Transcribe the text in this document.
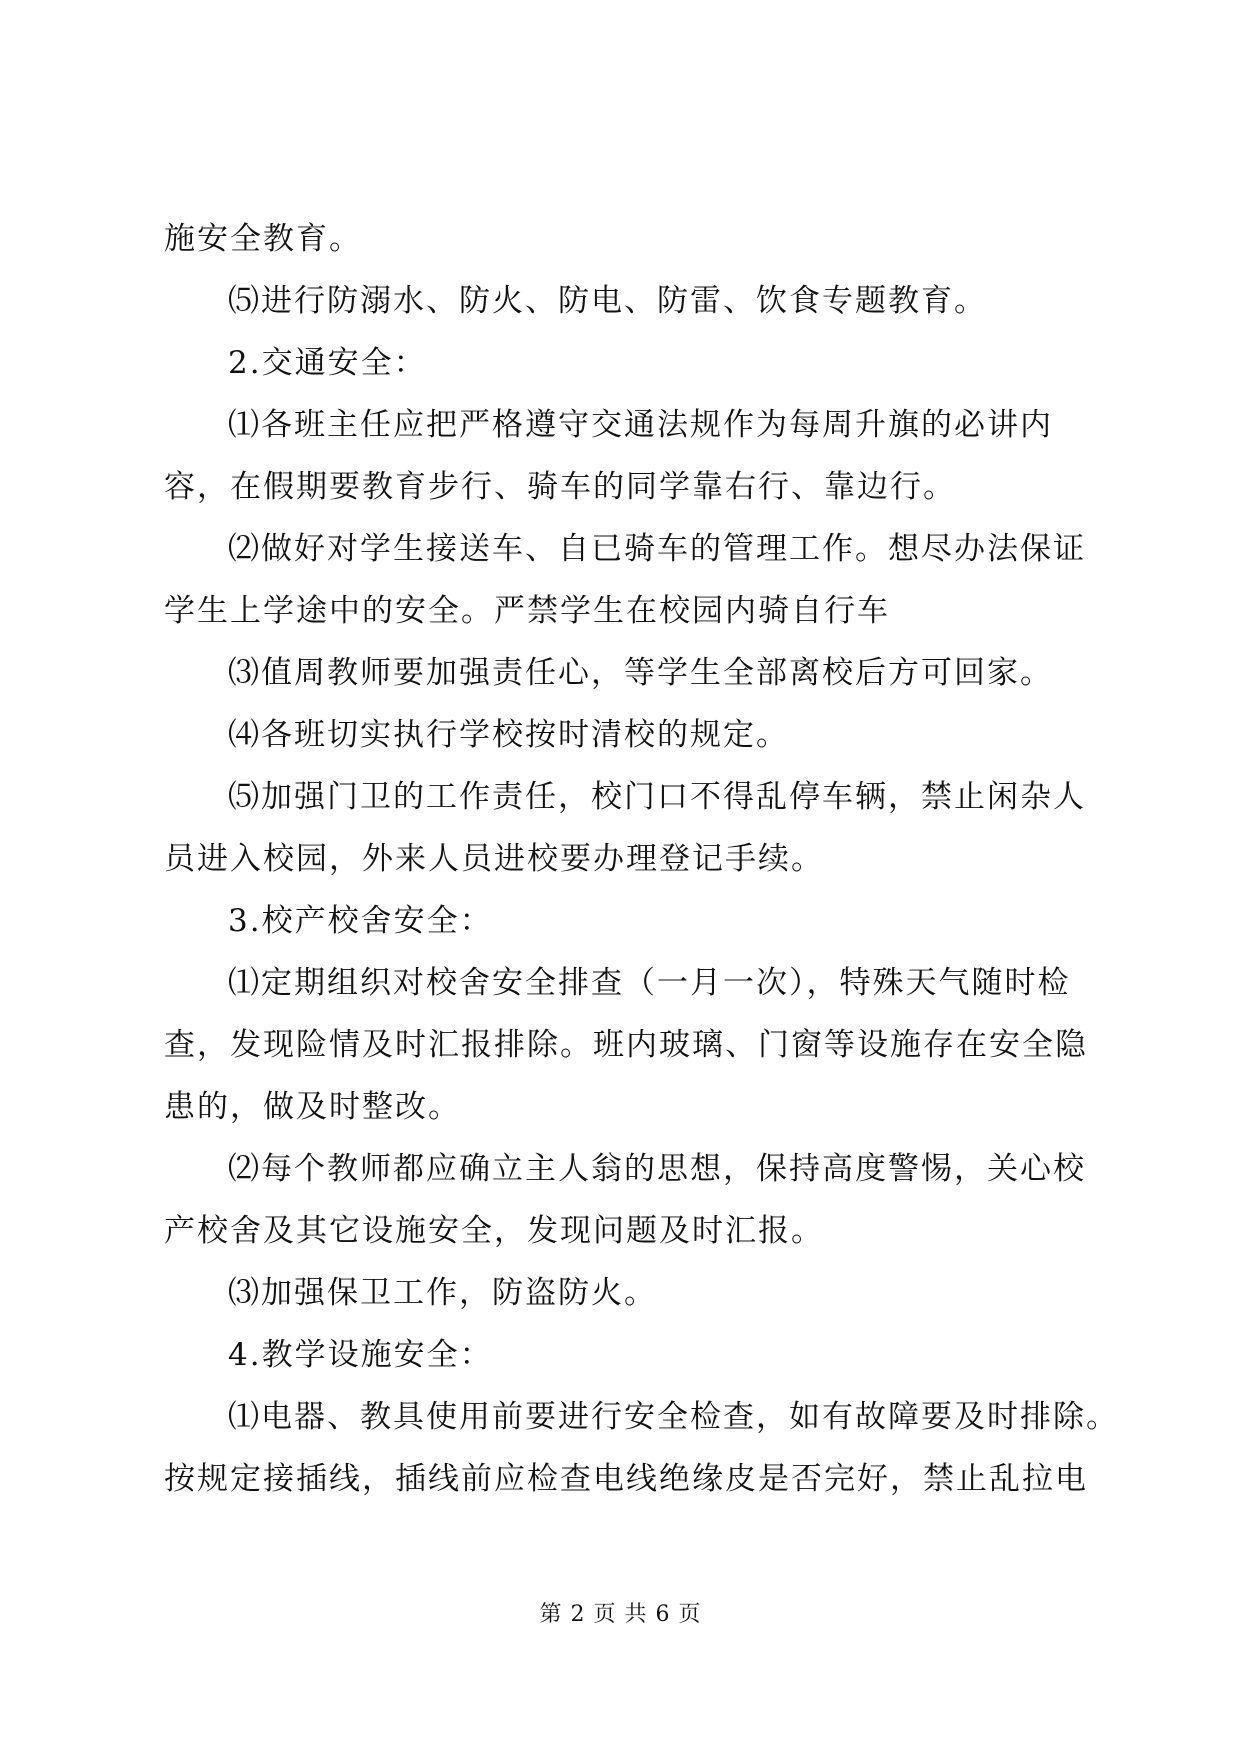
施安全教育。
⑸进行防溺水、防火、防电、防雷、饮食专题教育。
2.交通安全：
⑴各班主任应把严格遵守交通法规作为每周升旗的必讲内
容，在假期要教育步行、骑车的同学靠右行、靠边行。
⑵做好对学生接送车、自已骑车的管理工作。想尽办法保证
学生上学途中的安全。严禁学生在校园内骑自行车
⑶值周教师要加强责任心，等学生全部离校后方可回家。
⑷各班切实执行学校按时清校的规定。
⑸加强门卫的工作责任，校门口不得乱停车辆，禁止闲杂人
员进入校园，外来人员进校要办理登记手续。
3.校产校舍安全：
⑴定期组织对校舍安全排查（一月一次），特殊天气随时检
查，发现险情及时汇报排除。班内玻璃、门窗等设施存在安全隐
患的，做及时整改。
⑵每个教师都应确立主人翁的思想，保持高度警惕，关心校
产校舍及其它设施安全，发现问题及时汇报。
⑶加强保卫工作，防盗防火。
4.教学设施安全：
⑴电器、教具使用前要进行安全检查，如有故障要及时排除。
按规定接插线，插线前应检查电线绝缘皮是否完好，禁止乱拉电
第 2 页 共 6 页
